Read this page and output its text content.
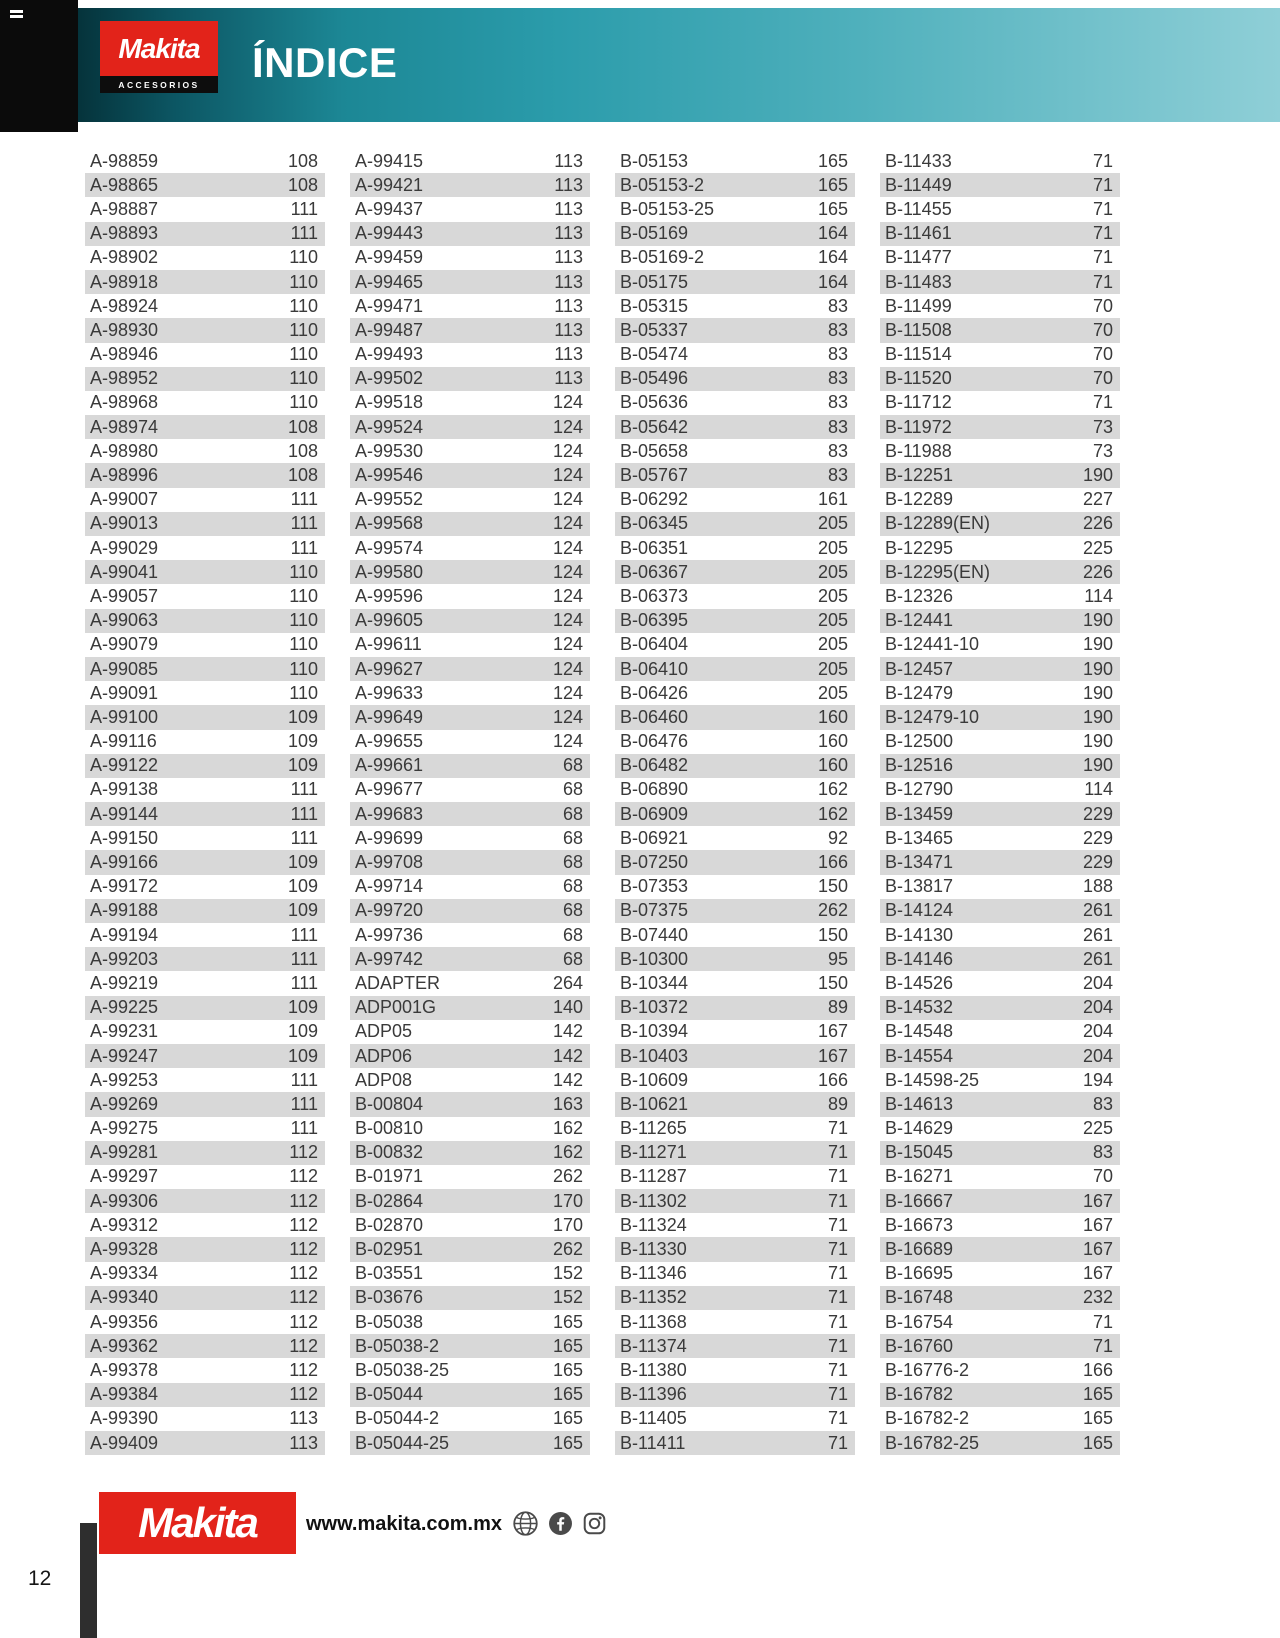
Makita
ACCESORIOS ÍNDICE
A-98859	108
A-98865	108
A-98887	111
A-98893	111
A-98902	110
A-98918	110
A-98924	110
A-98930	110
A-98946	110
A-98952	110
A-98968	110
A-98974	108
A-98980	108
A-98996	108
A-99007	111
A-99013	111
A-99029	111
A-99041	110
A-99057	110
A-99063	110
A-99079	110
A-99085	110
A-99091	110
A-99100	109
A-99116	109
A-99122	109
A-99138	111
A-99144	111
A-99150	111
A-99166	109
A-99172	109
A-99188	109
A-99194	111
A-99203	111
A-99219	111
A-99225	109
A-99231	109
A-99247	109
A-99253	111
A-99269	111
A-99275	111
A-99281	112
A-99297	112
A-99306	112
A-99312	112
A-99328	112
A-99334	112
A-99340	112
A-99356	112
A-99362	112
A-99378	112
A-99384	112
A-99390	113
A-99409	113
A-99415	113
A-99421	113
A-99437	113
A-99443	113
A-99459	113
A-99465	113
A-99471	113
A-99487	113
A-99493	113
A-99502	113
A-99518	124
A-99524	124
A-99530	124
A-99546	124
A-99552	124
A-99568	124
A-99574	124
A-99580	124
A-99596	124
A-99605	124
A-99611	124
A-99627	124
A-99633	124
A-99649	124
A-99655	124
A-99661	68
A-99677	68
A-99683	68
A-99699	68
A-99708	68
A-99714	68
A-99720	68
A-99736	68
A-99742	68
ADAPTER	264
ADP001G	140
ADP05	142
ADP06	142
ADP08	142
B-00804	163
B-00810	162
B-00832	162
B-01971	262
B-02864	170
B-02870	170
B-02951	262
B-03551	152
B-03676	152
B-05038	165
B-05038-2	165
B-05038-25	165
B-05044	165
B-05044-2	165
B-05044-25	165
B-05153	165
B-05153-2	165
B-05153-25	165
B-05169	164
B-05169-2	164
B-05175	164
B-05315	83
B-05337	83
B-05474	83
B-05496	83
B-05636	83
B-05642	83
B-05658	83
B-05767	83
B-06292	161
B-06345	205
B-06351	205
B-06367	205
B-06373	205
B-06395	205
B-06404	205
B-06410	205
B-06426	205
B-06460	160
B-06476	160
B-06482	160
B-06890	162
B-06909	162
B-06921	92
B-07250	166
B-07353	150
B-07375	262
B-07440	150
B-10300	95
B-10344	150
B-10372	89
B-10394	167
B-10403	167
B-10609	166
B-10621	89
B-11265	71
B-11271	71
B-11287	71
B-11302	71
B-11324	71
B-11330	71
B-11346	71
B-11352	71
B-11368	71
B-11374	71
B-11380	71
B-11396	71
B-11405	71
B-11411	71
B-11433	71
B-11449	71
B-11455	71
B-11461	71
B-11477	71
B-11483	71
B-11499	70
B-11508	70
B-11514	70
B-11520	70
B-11712	71
B-11972	73
B-11988	73
B-12251	190
B-12289	227
B-12289(EN)	226
B-12295	225
B-12295(EN)	226
B-12326	114
B-12441	190
B-12441-10	190
B-12457	190
B-12479	190
B-12479-10	190
B-12500	190
B-12516	190
B-12790	114
B-13459	229
B-13465	229
B-13471	229
B-13817	188
B-14124	261
B-14130	261
B-14146	261
B-14526	204
B-14532	204
B-14548	204
B-14554	204
B-14598-25	194
B-14613	83
B-14629	225
B-15045	83
B-16271	70
B-16667	167
B-16673	167
B-16689	167
B-16695	167
B-16748	232
B-16754	71
B-16760	71
B-16776-2	166
B-16782	165
B-16782-2	165
B-16782-25	165
12
Makita www.makita.com.mx
